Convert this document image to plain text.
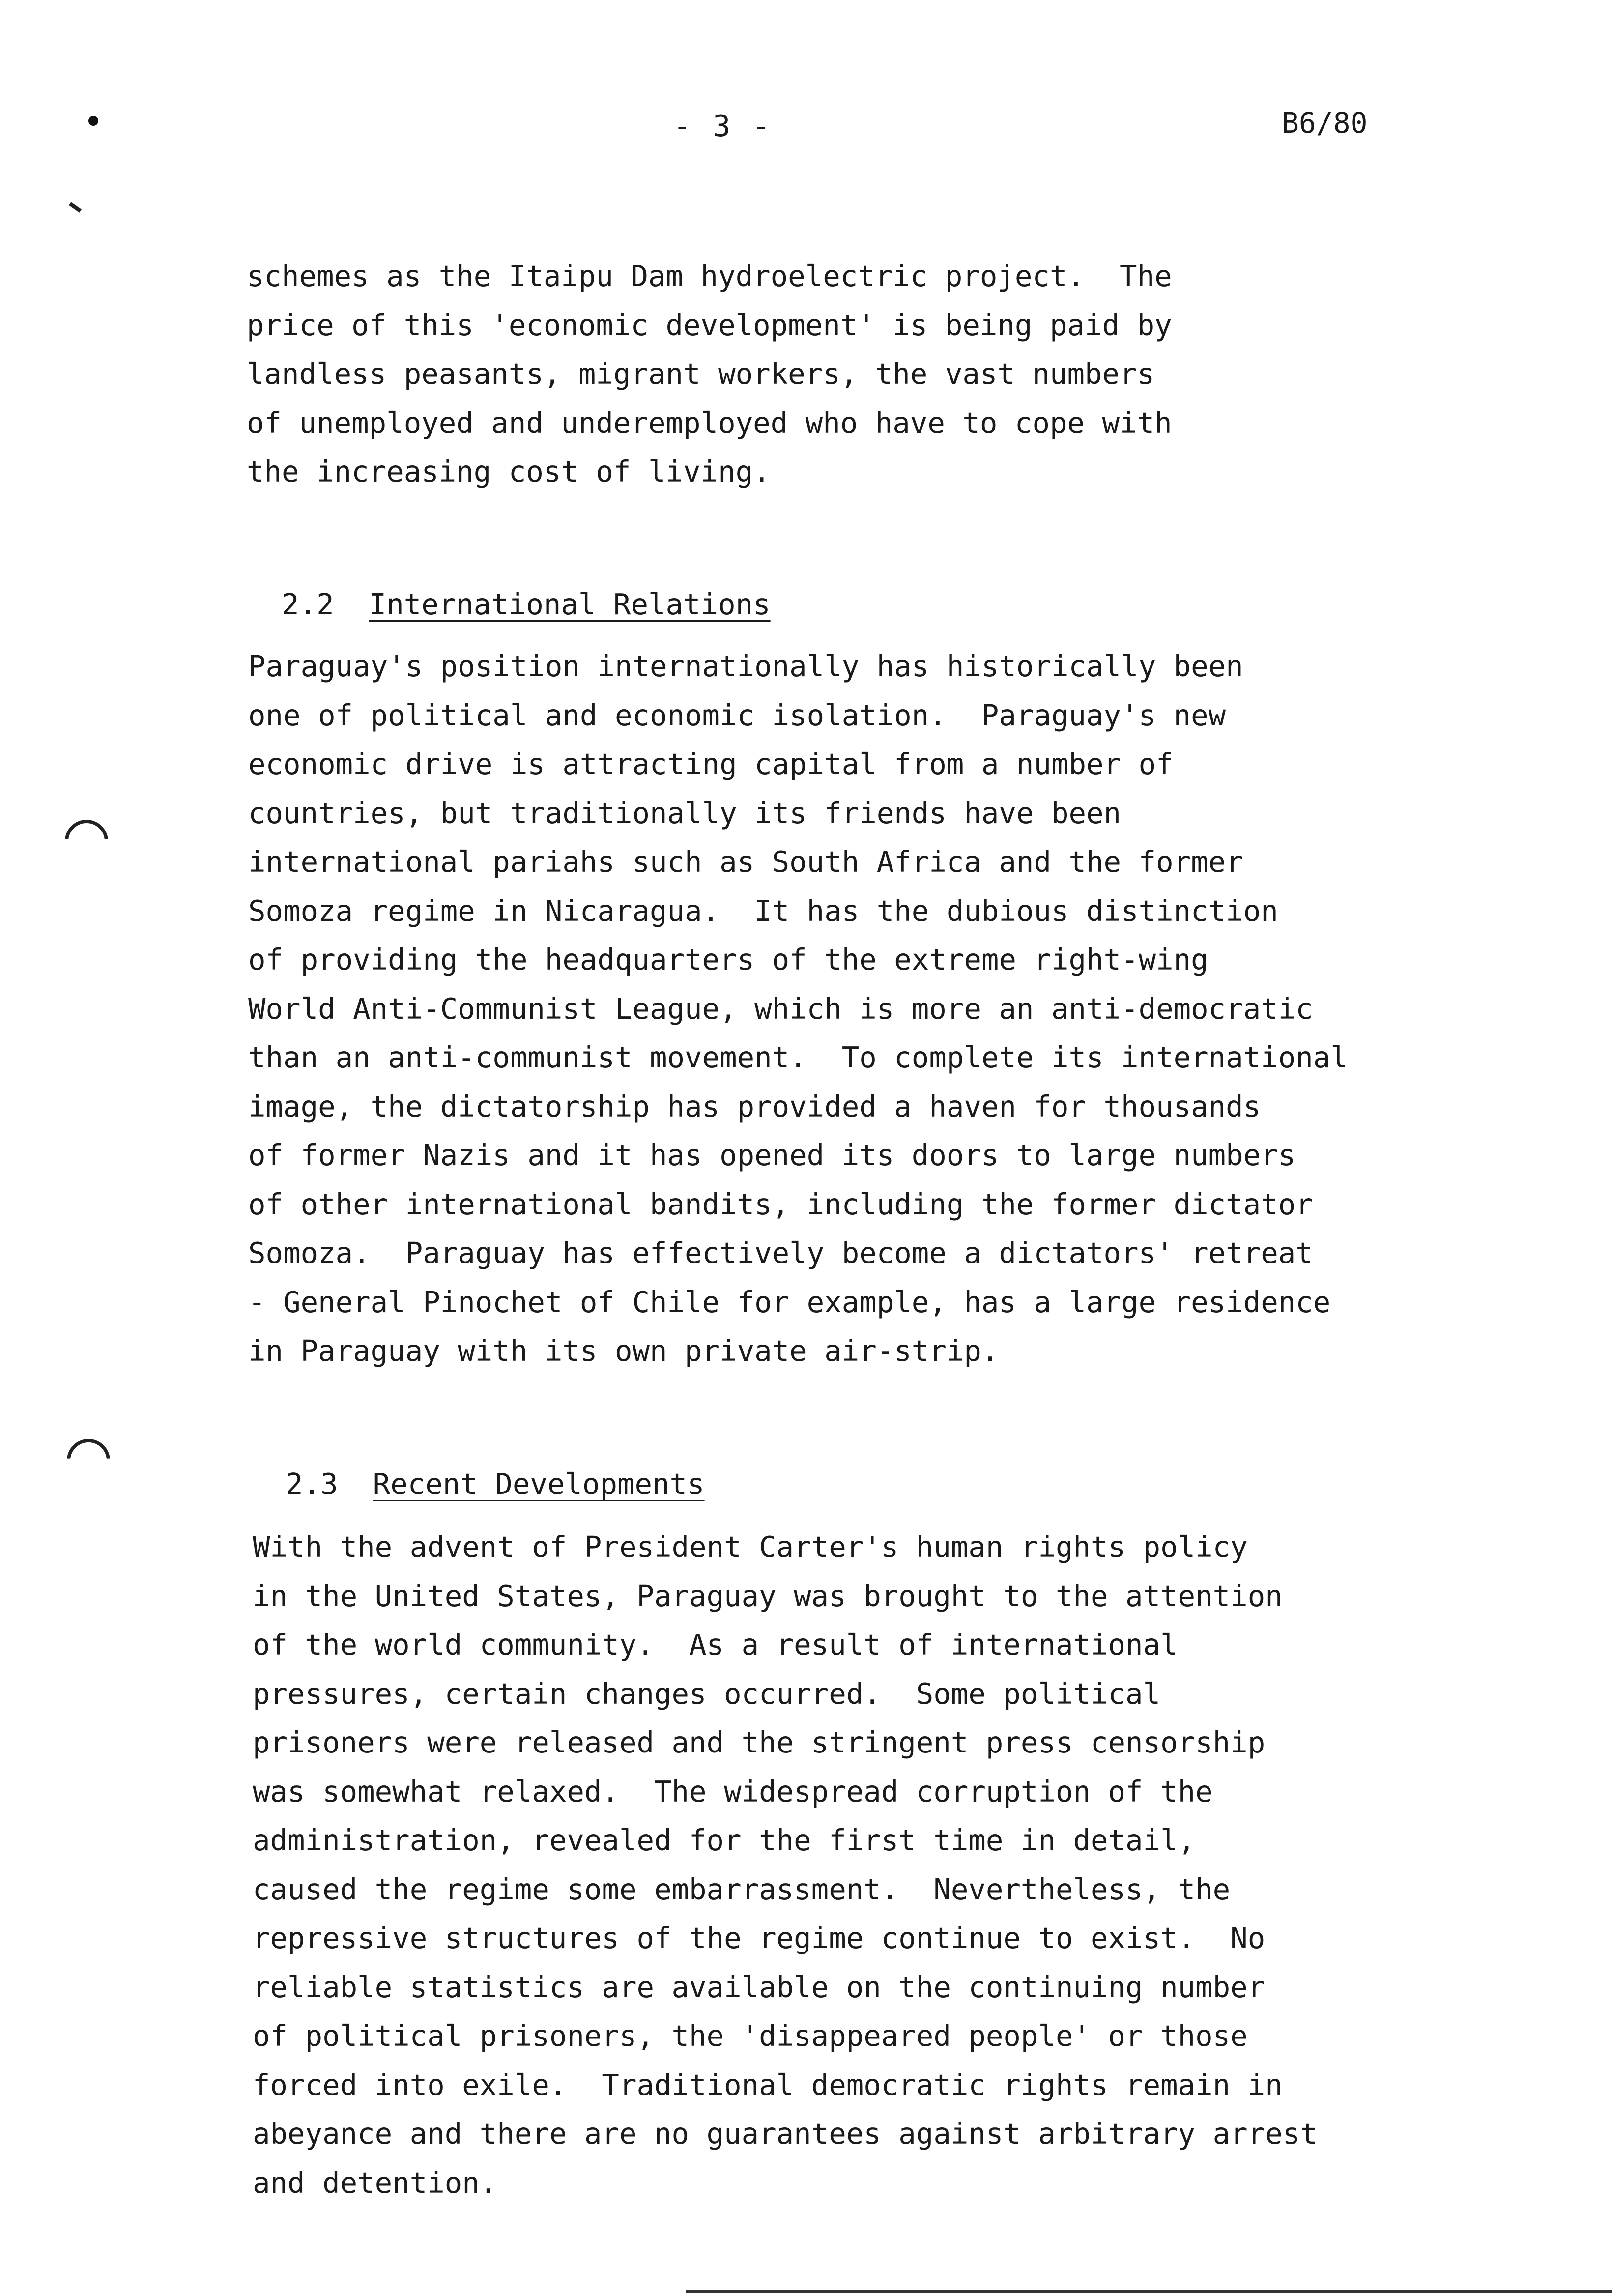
- 3 -	B6/80
schemes as the Itaipu Dam hydroelectric project.  The
price of this 'economic development' is being paid by
landless peasants, migrant workers, the vast numbers
of unemployed and underemployed who have to cope with
the increasing cost of living.

2.2 International Relations

Paraguay's position internationally has historically been
one of political and economic isolation.  Paraguay's new
economic drive is attracting capital from a number of
countries, but traditionally its friends have been
international pariahs such as South Africa and the former
Somoza regime in Nicaragua.  It has the dubious distinction
of providing the headquarters of the extreme right-wing
World Anti-Communist League, which is more an anti-democratic
than an anti-communist movement.  To complete its international
image, the dictatorship has provided a haven for thousands
of former Nazis and it has opened its doors to large numbers
of other international bandits, including the former dictator
Somoza.  Paraguay has effectively become a dictators' retreat
- General Pinochet of Chile for example, has a large residence
in Paraguay with its own private air-strip.

2.3 Recent Developments

With the advent of President Carter's human rights policy
in the United States, Paraguay was brought to the attention
of the world community.  As a result of international
pressures, certain changes occurred.  Some political
prisoners were released and the stringent press censorship
was somewhat relaxed.  The widespread corruption of the
administration, revealed for the first time in detail,
caused the regime some embarrassment.  Nevertheless, the
repressive structures of the regime continue to exist.  No
reliable statistics are available on the continuing number
of political prisoners, the 'disappeared people' or those
forced into exile.  Traditional democratic rights remain in
abeyance and there are no guarantees against arbitrary arrest
and detention.
